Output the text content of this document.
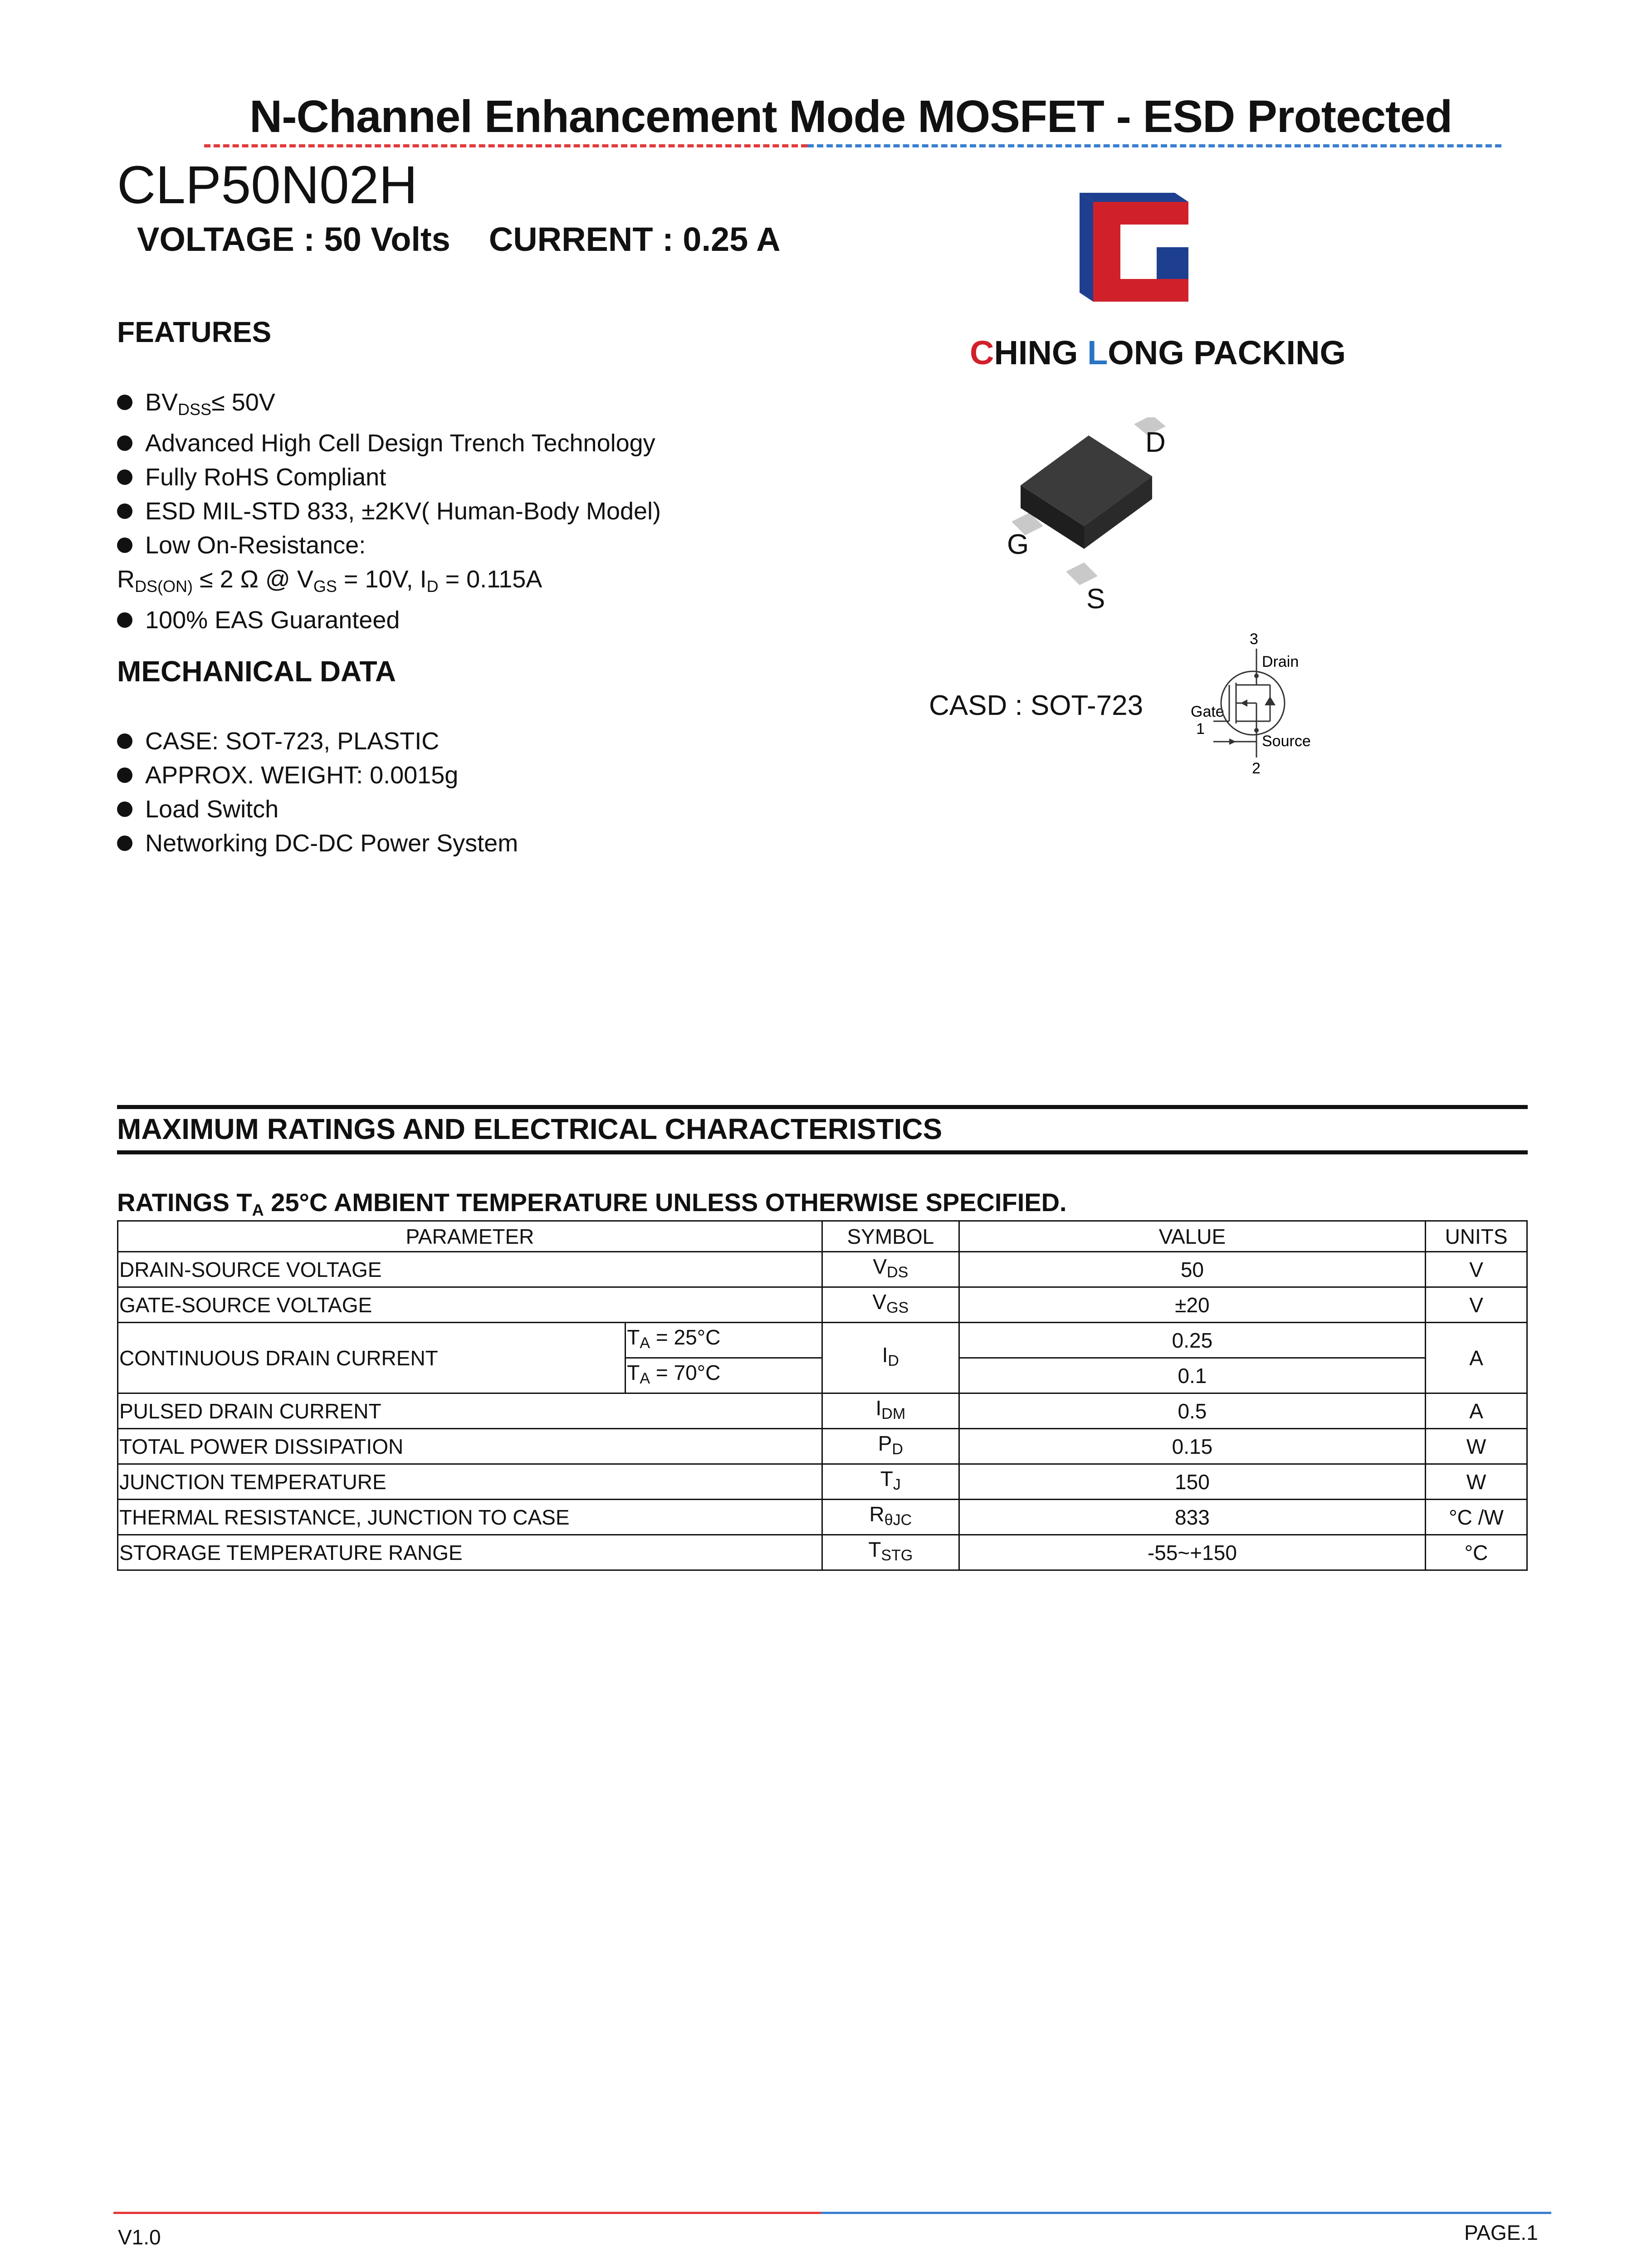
N-Channel Enhancement Mode MOSFET - ESD Protected
CLP50N02H
VOLTAGE : 50 Volts CURRENT : 0.25 A
CHING LONG PACKING
D
G
S
CASD : SOT-723
3
Drain
Gate
1
Source
2
FEATURES
$BV_{DSS}\le 50V$
Advanced High Cell Design Trench Technology
Fully RoHS Compliant
ESD MIL-STD 833, ±2KV( Human-Body Model)
Low On-Resistance:
$R_{DS(ON)} \le 2$ Ω @ $V_{GS} = 10V$, $I_D = 0.115A$
100% EAS Guaranteed
MECHANICAL DATA
CASE: SOT-723, PLASTIC
APPROX. WEIGHT: 0.0015g
Load Switch
Networking DC-DC Power System
MAXIMUM RATINGS AND ELECTRICAL CHARACTERISTICS
RATINGS $T_A$ 25°C AMBIENT TEMPERATURE UNLESS OTHERWISE SPECIFIED.
PARAMETER		SYMBOL	VALUE	UNITS
DRAIN-SOURCE VOLTAGE		VDS	50	V
GATE-SOURCE VOLTAGE		VGS	±20	V
CONTINUOUS DRAIN CURRENT	TA = 25°C	ID	0.25	A
	TA = 70°C		0.1	
PULSED DRAIN CURRENT		IDM	0.5	A
TOTAL POWER DISSIPATION		PD	0.15	W
JUNCTION TEMPERATURE		TJ	150	W
THERMAL RESISTANCE, JUNCTION TO CASE		RθJC	833	°C /W
STORAGE TEMPERATURE RANGE		TSTG	-55~+150	°C
V1.0	PAGE.1
